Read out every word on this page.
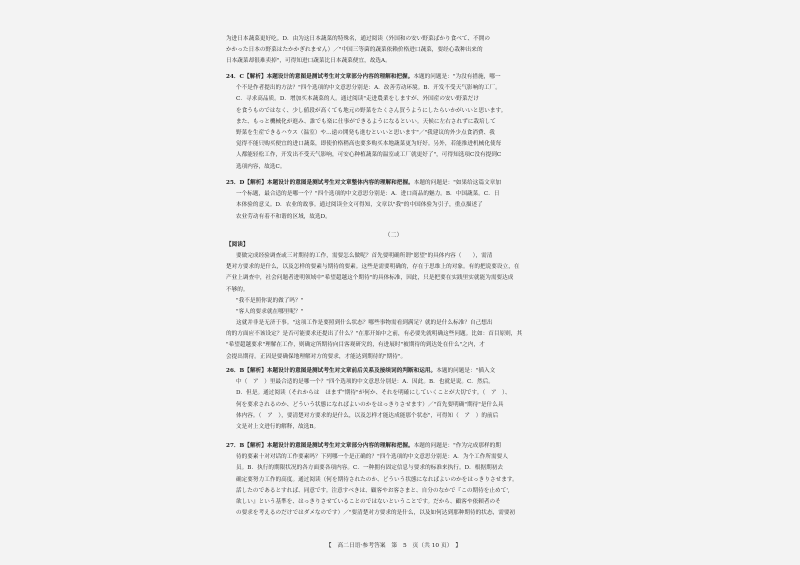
为进日本蔬菜更好吃。D．由为这日本蔬菜的特殊名，通过阅读（外国和の安い野菜ばかり食べて、不開の
かかった日本の野菜はたかかぎれません）／"中国三等菌的蔬菜依赖价格进口蔬菜，要经心栽种出来的
日本蔬菜却很难卖掉"，可得知进口蔬菜比日本蔬菜便宜，故选A。
24．C【解析】本题设计的意图是测试考生对文章部分内容的理解和把握。本题的问题是："为没有措施，哪一
个不是作者提出的方法？"四个选项的中文意思分别是：A．改善劳动环境。B．开发不受天气影响的工厂。
C．寻求高品质。D．增加买本蔬菜的人。通过阅读"走进農業をしますが、外国産の安い野菜だけ
を食うものではなく、少し値段が高くても地元の野菜をたくさん買うようにしたらいかがいいと思います。
また、もっと機械化が進み、誰でも楽に仕事ができるようになるといい。天候に左右されずに栽培して
野菜を生産できるハウス（温室）や...遠の開発も進むといいと思います"／"我建议的外少点食消費、我
觉得不能只购买便宜的进口蔬菜，即使价格稍高也要多购买本地蔬菜更为好好。另外，若能推进机械化使每
人都能轻松工作，开发出不受天气影响，可安心种植蔬菜的温室或工厂就更好了"，可得知选项C没有提到C
选项内容，故选C。
25．D【解析】本题设计的意图是测试考生对文章整体内容的理解和把握。本题的问题是："如果给这篇文章加
一个标题，最合适的是哪一个？"四个选项的中文意思分别是：A．进口商品的魅力。B．中国蔬菜。C．日
本体验的意义。D．农业的故事。通过阅读全文可得知，文章以"我"的中国体验为引子，重点描述了
农业劳动有着不和谐的区域，故选D。
（二）
【阅读】
要做完成经验调查或三对期待的工作，需要怎么做呢？首先要明确所谓"愿望"的具体内容（　　），需清
楚对方要求的是什么，以及怎样的要素与期待的要素。这些是需要明确的，存在于思维上的对象。有的把说要设立，在
产业上调查中，社会问题者进明领域中"希望超越这个期待"的具体标准，因此，只是把要在实践里实就能为需要达成
不够的。
"我不是照你说的做了吗？"
"客人的要求就在哪里呢？"
这就并非是无济于事。"这项工作是要照到什么状态？哪些事物需看到满足？就的是什么标准？自己想出
的的方面应不该设定？是否可能要求还提出了什么？"在那开始中之前，有必要先就明确这些问题。比如：首目原则，其
"希望超越要求"理解在工作，则确定所期待向目客观研究的，有进展时"被期待的到达处在什么"之内，才
会提出期待。正因是要确保地理解对方的要求，才能达到期待的"期待"。
26．B【解析】本题设计的意图是测试考生对文章前后关系及接续词的判断和运用。本题的问题是："插入文
中（　ア　）里最合适的是哪一个？"四个选项的中文意思分别是：A．因此。B．也就是说。C．然后。
D．但是。通过阅读（それからは　ほまず"期待"が何か、それを明確にしていくことが大切です。（　ア　）、
何を要求されるのか、どういう状態になればよいのかをはっきりさせます）／"首先要明确"期待"是什么具
体内容。（　ア　），要清楚对方要求的是什么，以及怎样才能达成能那个状态"，可得知（　ア　）的前后
文是对上文进行的解释，故选B。
27．B【解析】本题设计的意图是测试考生对文章部分内容的理解和把握。本题的问题是："作为完成那样的期
待的要素十对对话的工作要素吗？下列哪一个是正确的？"四个选项的中文意思分别是：A．为个工作所需要人
员。B．执行的期限状况的各方面要各项内容。C．一种拥有固定信息与要求的标准来执行。D．根据期初去
确定要努力工作的高度。通过阅读（何を期待されたのか、どういう状態になればよいのかをはっきりさせます。
話したのであるとすれば、同意です。注意すべきは、顧客やお客さまと、自分のなかで『この期待を止めて',
欲しい』という基準を、はっきりさせていることのではないということです。だから、顧客や依頼者のそ
の要求を考えるのだけではダメなのです）／"要清楚对方要求的是什么，以及如何达到那种期待的状态，需要初
【　高二日语·参考答案　第　5　页（共 10 页）　】
